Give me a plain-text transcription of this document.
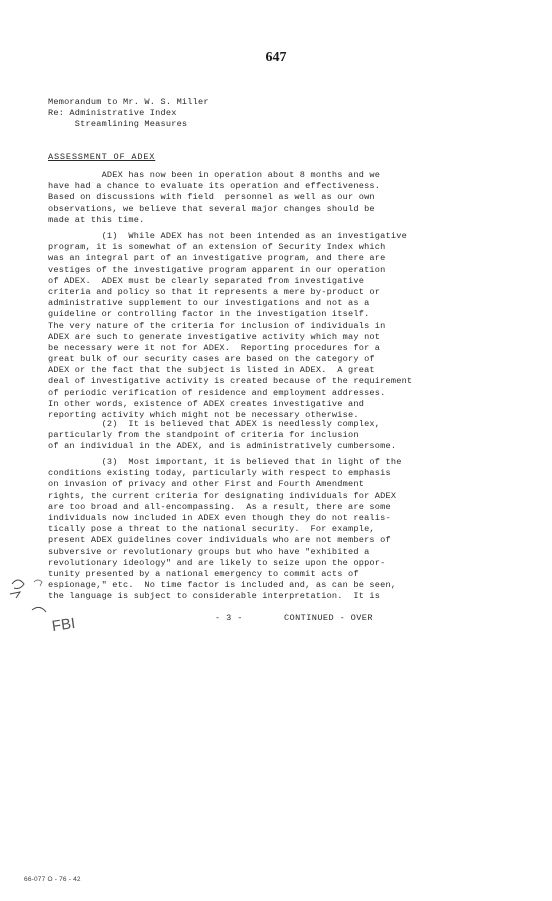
647
Memorandum to Mr. W. S. Miller
Re: Administrative Index
Streamlining Measures
ASSESSMENT OF ADEX
ADEX has now been in operation about 8 months and we
have had a chance to evaluate its operation and effectiveness.
Based on discussions with field  personnel as well as our own
observations, we believe that several major changes should be
made at this time.
(1)  While ADEX has not been intended as an investigative
program, it is somewhat of an extension of Security Index which
was an integral part of an investigative program, and there are
vestiges of the investigative program apparent in our operation
of ADEX.  ADEX must be clearly separated from investigative
criteria and policy so that it represents a mere by-product or
administrative supplement to our investigations and not as a
guideline or controlling factor in the investigation itself.
The very nature of the criteria for inclusion of individuals in
ADEX are such to generate investigative activity which may not
be necessary were it not for ADEX.  Reporting procedures for a
great bulk of our security cases are based on the category of
ADEX or the fact that the subject is listed in ADEX.  A great
deal of investigative activity is created because of the requirement
of periodic verification of residence and employment addresses.
In other words, existence of ADEX creates investigative and
reporting activity which might not be necessary otherwise.
(2)  It is believed that ADEX is needlessly complex,
particularly from the standpoint of criteria for inclusion
of an individual in the ADEX, and is administratively cumbersome.
(3)  Most important, it is believed that in light of the
conditions existing today, particularly with respect to emphasis
on invasion of privacy and other First and Fourth Amendment
rights, the current criteria for designating individuals for ADEX
are too broad and all-encompassing.  As a result, there are some
individuals now included in ADEX even though they do not realis-
tically pose a threat to the national security.  For example,
present ADEX guidelines cover individuals who are not members of
subversive or revolutionary groups but who have "exhibited a
revolutionary ideology" and are likely to seize upon the oppor-
tunity presented by a national emergency to commit acts of
espionage," etc.  No time factor is included and, as can be seen,
the language is subject to considerable interpretation.  It is
- 3 -	CONTINUED - OVER
FBI
66-077 O - 76 - 42
